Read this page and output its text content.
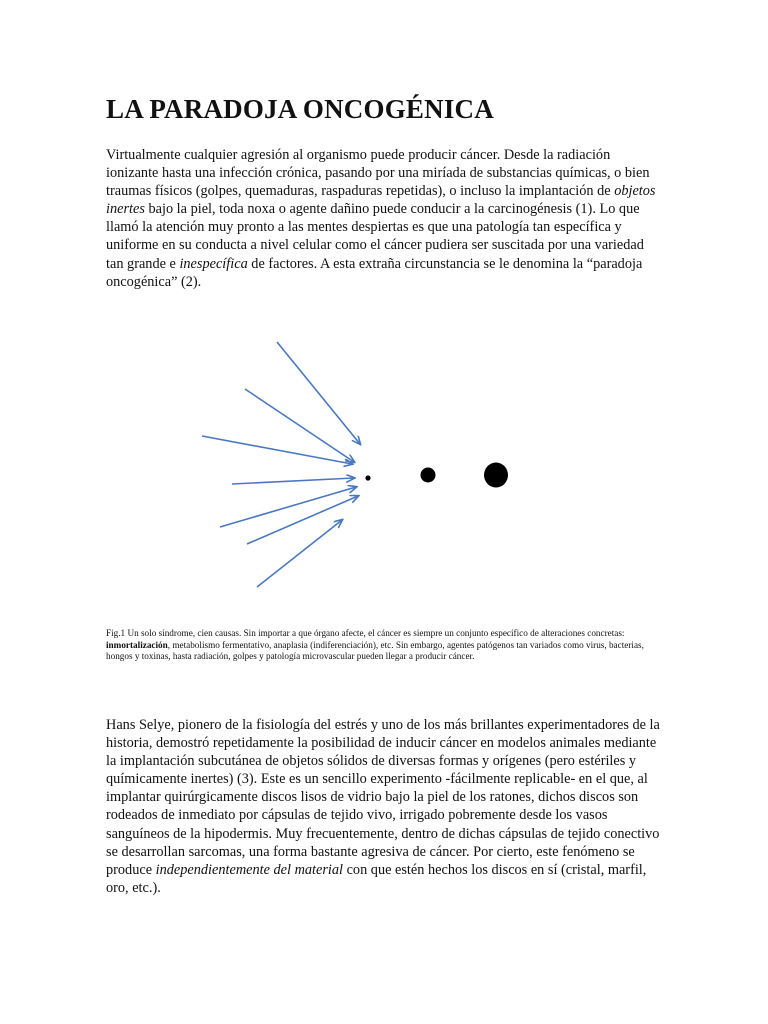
LA PARADOJA ONCOGÉNICA

Virtualmente cualquier agresión al organismo puede producir cáncer. Desde la radiación ionizante hasta una infección crónica, pasando por una miríada de substancias químicas, o bien traumas físicos (golpes, quemaduras, raspaduras repetidas), o incluso la implantación de objetos inertes bajo la piel, toda noxa o agente dañino puede conducir a la carcinogénesis (1). Lo que llamó la atención muy pronto a las mentes despiertas es que una patología tan específica y uniforme en su conducta a nivel celular como el cáncer pudiera ser suscitada por una variedad tan grande e inespecífica de factores. A esta extraña circunstancia se le denomina la “paradoja oncogénica” (2).

Fig.1 Un solo síndrome, cien causas. Sin importar a que órgano afecte, el cáncer es siempre un conjunto específico de alteraciones concretas: inmortalización, metabolismo fermentativo, anaplasia (indiferenciación), etc. Sin embargo, agentes patógenos tan variados como virus, bacterias, hongos y toxinas, hasta radiación, golpes y patología microvascular pueden llegar a producir cáncer.

Hans Selye, pionero de la fisiología del estrés y uno de los más brillantes experimentadores de la historia, demostró repetidamente la posibilidad de inducir cáncer en modelos animales mediante la implantación subcutánea de objetos sólidos de diversas formas y orígenes (pero estériles y químicamente inertes) (3). Este es un sencillo experimento -fácilmente replicable- en el que, al implantar quirúrgicamente discos lisos de vidrio bajo la piel de los ratones, dichos discos son rodeados de inmediato por cápsulas de tejido vivo, irrigado pobremente desde los vasos sanguíneos de la hipodermis. Muy frecuentemente, dentro de dichas cápsulas de tejido conectivo se desarrollan sarcomas, una forma bastante agresiva de cáncer. Por cierto, este fenómeno se produce independientemente del material con que estén hechos los discos en sí (cristal, marfil, oro, etc.).
